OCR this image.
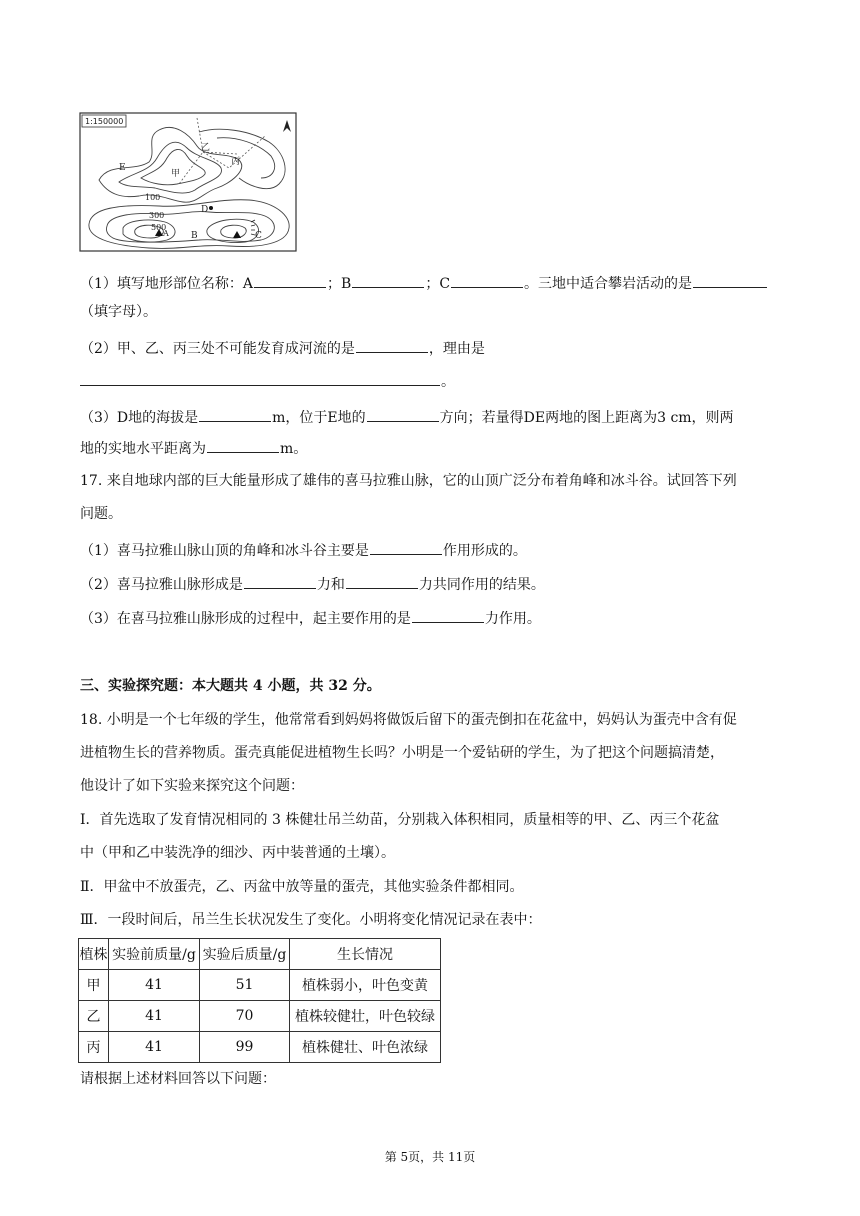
1:150000
E
甲
乙
丙
100
300
500
A B	C
D
（1）填写地形部位名称：A	；B	；C	。三地中适合攀岩活动的是
（填字母）。
（2）甲、乙、丙三处不可能发育成河流的是	，理由是
。
（3）D地的海拔是	m，位于E地的	方向；若量得DE两地的图上距离为3 cm，则两
地的实地水平距离为	m。
17. 来自地球内部的巨大能量形成了雄伟的喜马拉雅山脉，它的山顶广泛分布着角峰和冰斗谷。试回答下列
问题。
（1）喜马拉雅山脉山顶的角峰和冰斗谷主要是	作用形成的。
（2）喜马拉雅山脉形成是	力和	力共同作用的结果。
（3）在喜马拉雅山脉形成的过程中，起主要作用的是	力作用。
三、实验探究题：本大题共 4 小题，共 32 分。
18. 小明是一个七年级的学生，他常常看到妈妈将做饭后留下的蛋壳倒扣在花盆中，妈妈认为蛋壳中含有促
进植物生长的营养物质。蛋壳真能促进植物生长吗？小明是一个爱钻研的学生，为了把这个问题搞清楚，
他设计了如下实验来探究这个问题：
Ⅰ．首先选取了发育情况相同的 3 株健壮吊兰幼苗，分别栽入体积相同，质量相等的甲、乙、丙三个花盆
中（甲和乙中装洗净的细沙、丙中装普通的土壤）。
Ⅱ．甲盆中不放蛋壳，乙、丙盆中放等量的蛋壳，其他实验条件都相同。
Ⅲ．一段时间后，吊兰生长状况发生了变化。小明将变化情况记录在表中：
植株	实验前质量/g	实验后质量/g	生长情况
甲	41	51	植株弱小，叶色变黄
乙	41	70	植株较健壮，叶色较绿
丙	41	99	植株健壮、叶色浓绿
请根据上述材料回答以下问题：
第 5页，共 11页
